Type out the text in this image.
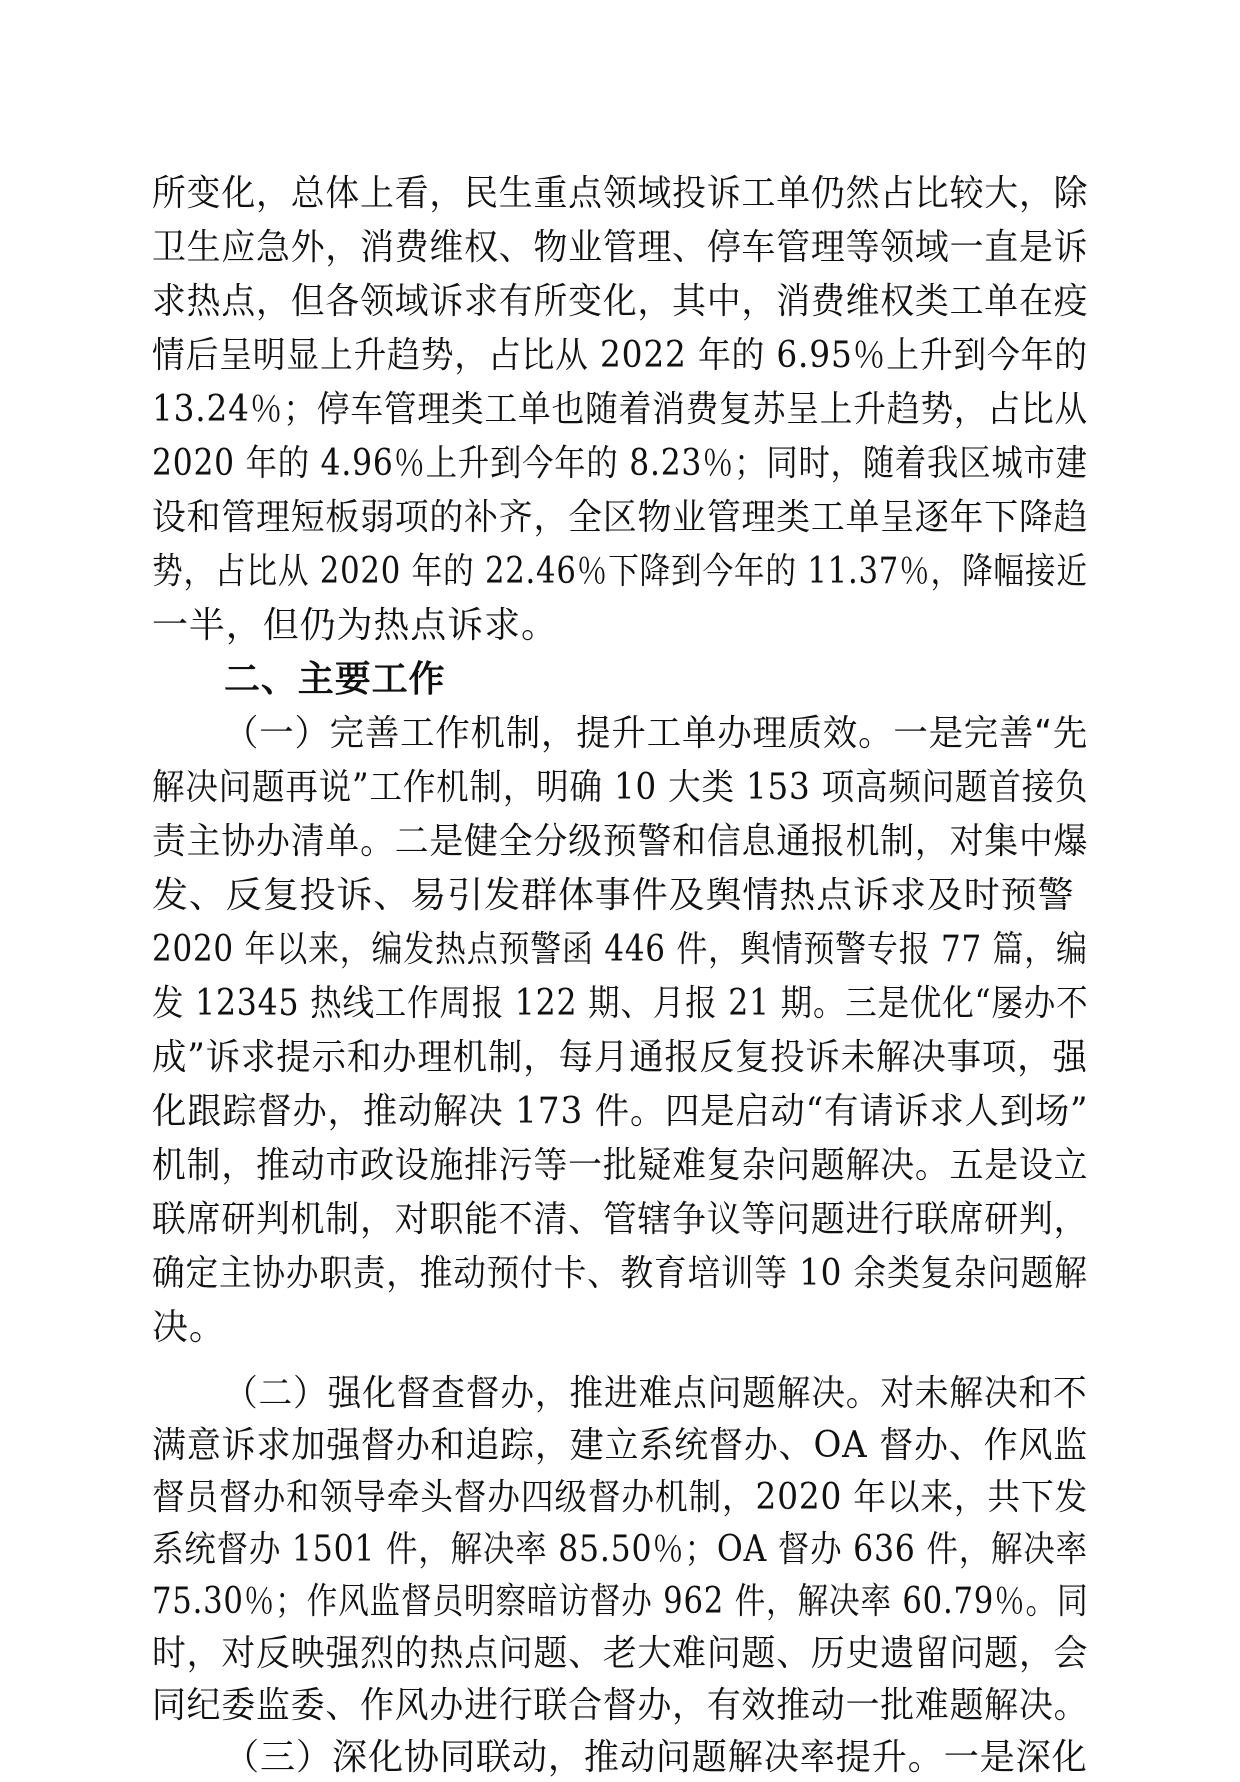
所变化，总体上看，民生重点领域投诉工单仍然占比较大，除
卫生应急外，消费维权、物业管理、停车管理等领域一直是诉
求热点，但各领域诉求有所变化，其中，消费维权类工单在疫
情后呈明显上升趋势，占比从 2022 年的 6.95％上升到今年的
13.24％；停车管理类工单也随着消费复苏呈上升趋势，占比从
2020 年的 4.96％上升到今年的 8.23％；同时，随着我区城市建
设和管理短板弱项的补齐，全区物业管理类工单呈逐年下降趋
势，占比从 2020 年的 22.46％下降到今年的 11.37％，降幅接近
一半，但仍为热点诉求。
二、主要工作
（一）完善工作机制，提升工单办理质效。一是完善“先
解决问题再说”工作机制，明确 10 大类 153 项高频问题首接负
责主协办清单。二是健全分级预警和信息通报机制，对集中爆
发、反复投诉、易引发群体事件及舆情热点诉求及时预警
2020 年以来，编发热点预警函 446 件，舆情预警专报 77 篇，编
发 12345 热线工作周报 122 期、月报 21 期。三是优化“屡办不
成”诉求提示和办理机制，每月通报反复投诉未解决事项，强
化跟踪督办，推动解决 173 件。四是启动“有请诉求人到场”
机制，推动市政设施排污等一批疑难复杂问题解决。五是设立
联席研判机制，对职能不清、管辖争议等问题进行联席研判，
确定主协办职责，推动预付卡、教育培训等 10 余类复杂问题解
决。
（二）强化督查督办，推进难点问题解决。对未解决和不
满意诉求加强督办和追踪，建立系统督办、OA 督办、作风监
督员督办和领导牵头督办四级督办机制，2020 年以来，共下发
系统督办 1501 件，解决率 85.50％；OA 督办 636 件，解决率
75.30％；作风监督员明察暗访督办 962 件，解决率 60.79％。同
时，对反映强烈的热点问题、老大难问题、历史遗留问题，会
同纪委监委、作风办进行联合督办，有效推动一批难题解决。
（三）深化协同联动，推动问题解决率提升。一是深化
